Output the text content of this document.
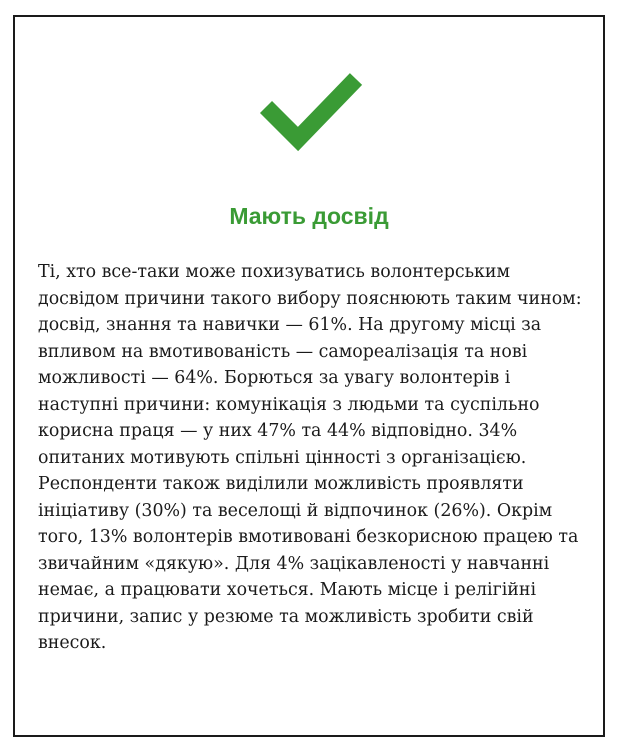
Мають досвід

Ті, хто все-таки може похизуватись волонтерським досвідом причини такого вибору пояснюють таким чином: досвід, знання та навички — 61%. На другому місці за впливом на вмотивованість — самореалізація та нові можливості — 64%. Борються за увагу волонтерів і наступні причини: комунікація з людьми та суспільно корисна праця — у них 47% та 44% відповідно. 34% опитаних мотивують спільні цінності з організацією. Респонденти також виділили можливість проявляти ініціативу (30%) та веселощі й відпочинок (26%). Окрім того, 13% волонтерів вмотивовані безкорисною працею та звичайним «дякую». Для 4% зацікавленості у навчанні немає, а працювати хочеться. Мають місце і релігійні причини, запис у резюме та можливість зробити свій внесок.
